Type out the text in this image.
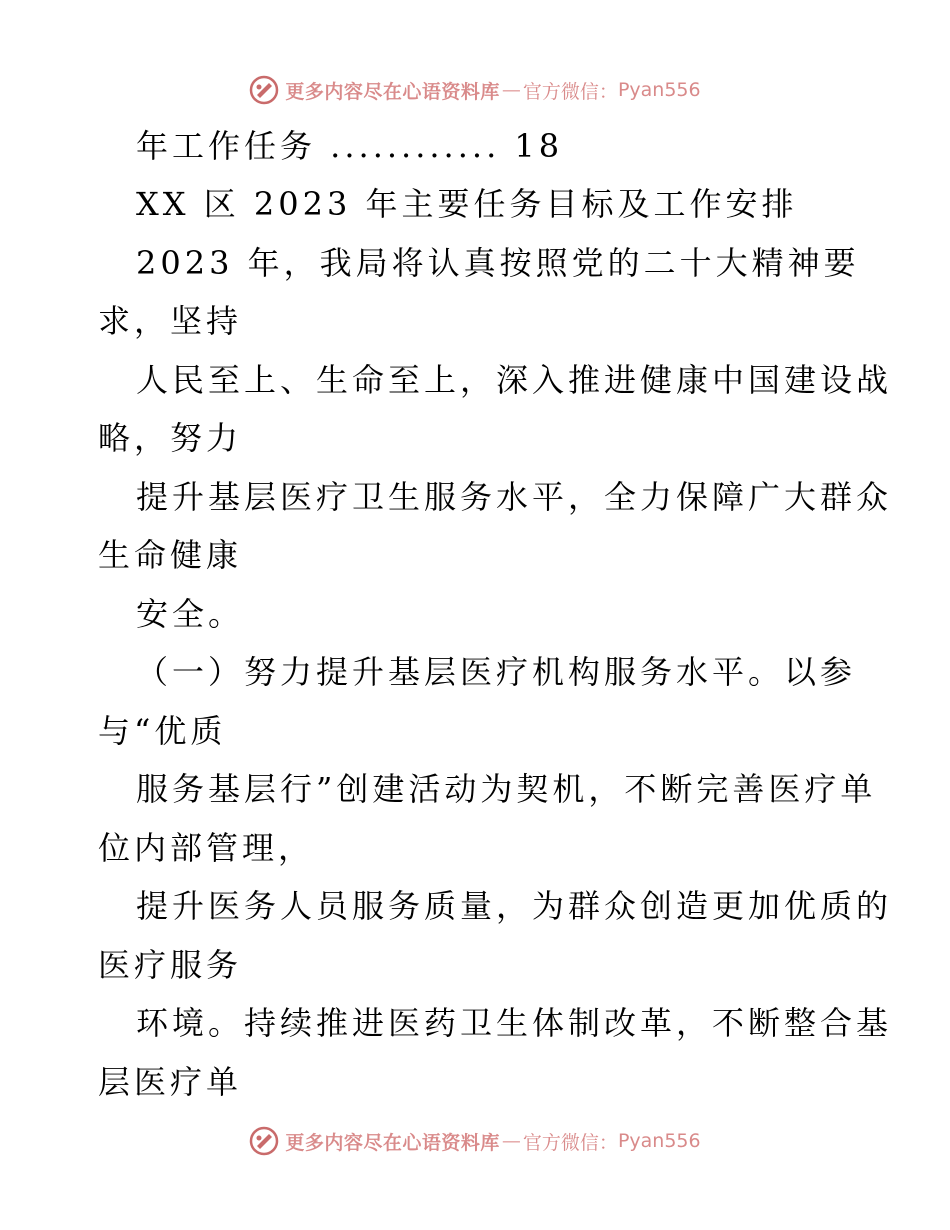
更多内容尽在心语资料库 — 官方微信： Pyan556
年工作任务 ............ 18
XX 区 2023 年主要任务目标及工作安排
2023 年，我局将认真按照党的二十大精神要
求，坚持
人民至上、生命至上，深入推进健康中国建设战
略，努力
提升基层医疗卫生服务水平，全力保障广大群众
生命健康
安全。
（一）努力提升基层医疗机构服务水平。以参
与“优质
服务基层行”创建活动为契机，不断完善医疗单
位内部管理，
提升医务人员服务质量，为群众创造更加优质的
医疗服务
环境。持续推进医药卫生体制改革，不断整合基
层医疗单
更多内容尽在心语资料库 — 官方微信： Pyan556
